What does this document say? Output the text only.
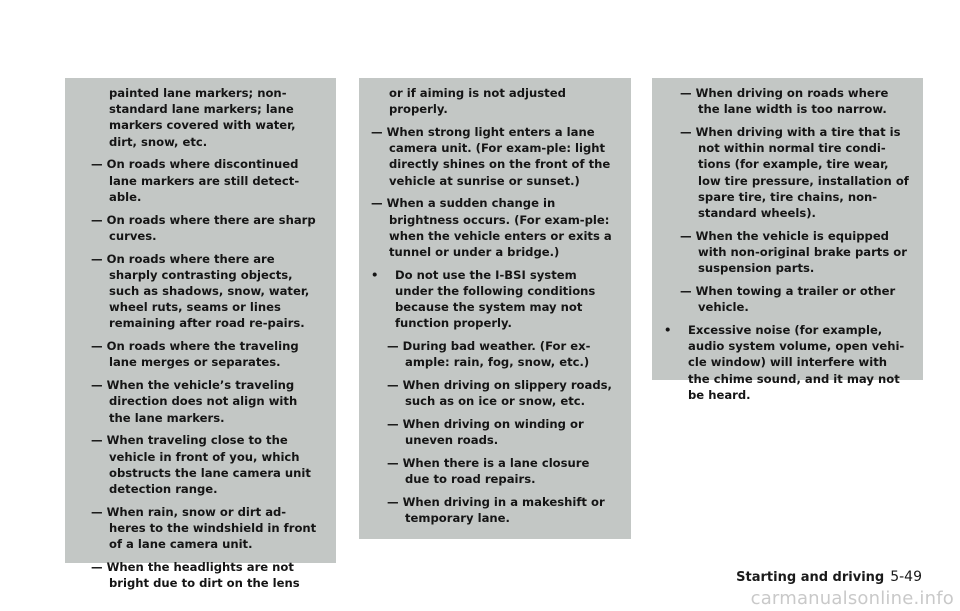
painted lane markers; non-standard lane markers; lane markers covered with water, dirt, snow, etc.
— On roads where discontinued lane markers are still detect-able.
— On roads where there are sharp curves.
— On roads where there are sharply contrasting objects, such as shadows, snow, water, wheel ruts, seams or lines remaining after road re-pairs.
— On roads where the traveling lane merges or separates.
— When the vehicle’s traveling direction does not align with the lane markers.
— When traveling close to the vehicle in front of you, which obstructs the lane camera unit detection range.
— When rain, snow or dirt ad-heres to the windshield in front of a lane camera unit.
— When the headlights are not bright due to dirt on the lens
or if aiming is not adjusted properly.
— When strong light enters a lane camera unit. (For exam-ple: light directly shines on the front of the vehicle at sunrise or sunset.)
— When a sudden change in brightness occurs. (For exam-ple: when the vehicle enters or exits a tunnel or under a bridge.)
• Do not use the I-BSI system under the following conditions because the system may not function properly.
— During bad weather. (For ex-ample: rain, fog, snow, etc.)
— When driving on slippery roads, such as on ice or snow, etc.
— When driving on winding or uneven roads.
— When there is a lane closure due to road repairs.
— When driving in a makeshift or temporary lane.
— When driving on roads where the lane width is too narrow.
— When driving with a tire that is not within normal tire condi-tions (for example, tire wear, low tire pressure, installation of spare tire, tire chains, non-standard wheels).
— When the vehicle is equipped with non-original brake parts or suspension parts.
— When towing a trailer or other vehicle.
• Excessive noise (for example, audio system volume, open vehi-cle window) will interfere with the chime sound, and it may not be heard.
Starting and driving 5-49
carmanualsonline.info
